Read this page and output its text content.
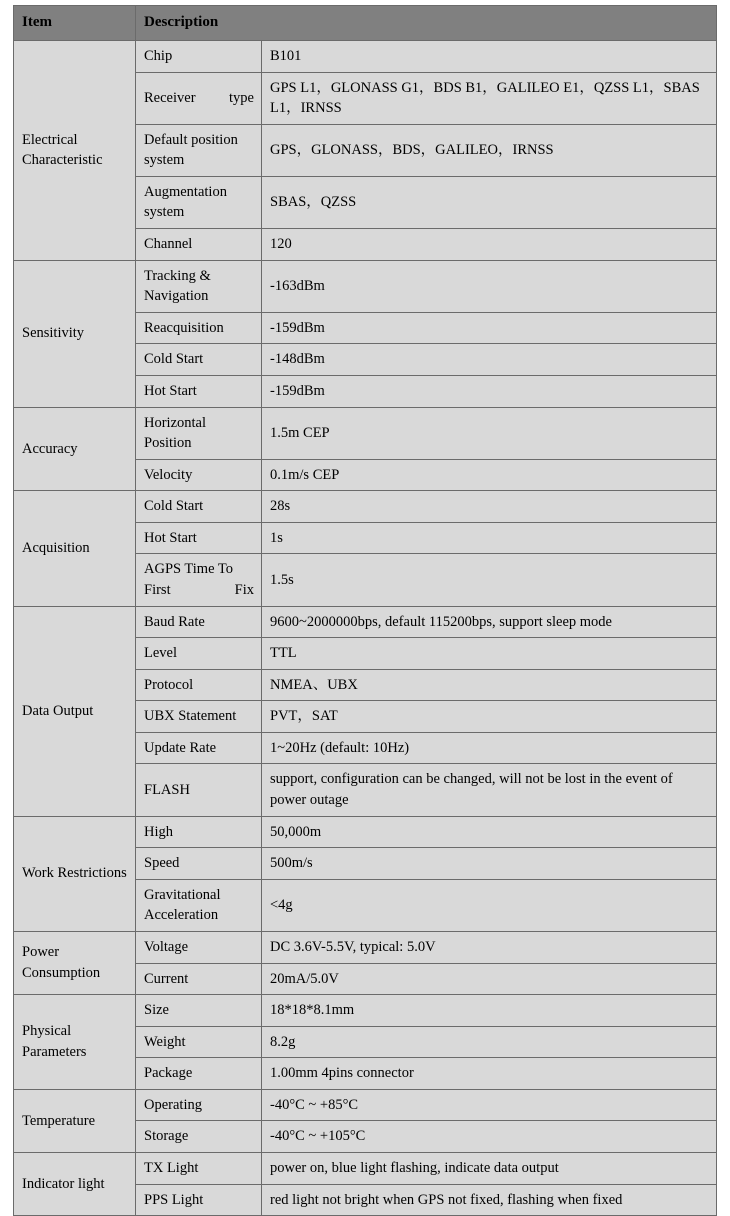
Item	Description	
Electrical Characteristic	Chip	B101
	Receiver type	GPS L1，GLONASS G1，BDS B1，GALILEO E1，QZSS L1，SBAS L1，IRNSS
	Default position system	GPS，GLONASS，BDS，GALILEO，IRNSS
	Augmentation system	SBAS，QZSS
	Channel	120
Sensitivity	Tracking & Navigation	-163dBm
	Reacquisition	-159dBm
	Cold Start	-148dBm
	Hot Start	-159dBm
Accuracy	Horizontal Position	1.5m CEP
	Velocity	0.1m/s CEP
Acquisition	Cold Start	28s
	Hot Start	1s
	AGPS Time To First Fix	1.5s
Data Output	Baud Rate	9600~2000000bps, default 115200bps, support sleep mode
	Level	TTL
	Protocol	NMEA、UBX
	UBX Statement	PVT，SAT
	Update Rate	1~20Hz (default: 10Hz)
	FLASH	support, configuration can be changed, will not be lost in the event of power outage
Work Restrictions	High	50,000m
	Speed	500m/s
	Gravitational Acceleration	<4g
Power Consumption	Voltage	DC 3.6V-5.5V, typical: 5.0V
	Current	20mA/5.0V
Physical Parameters	Size	18*18*8.1mm
	Weight	8.2g
	Package	1.00mm 4pins connector
Temperature	Operating	-40°C ~ +85°C
	Storage	-40°C ~ +105°C
Indicator light	TX Light	power on, blue light flashing, indicate data output
	PPS Light	red light not bright when GPS not fixed, flashing when fixed
